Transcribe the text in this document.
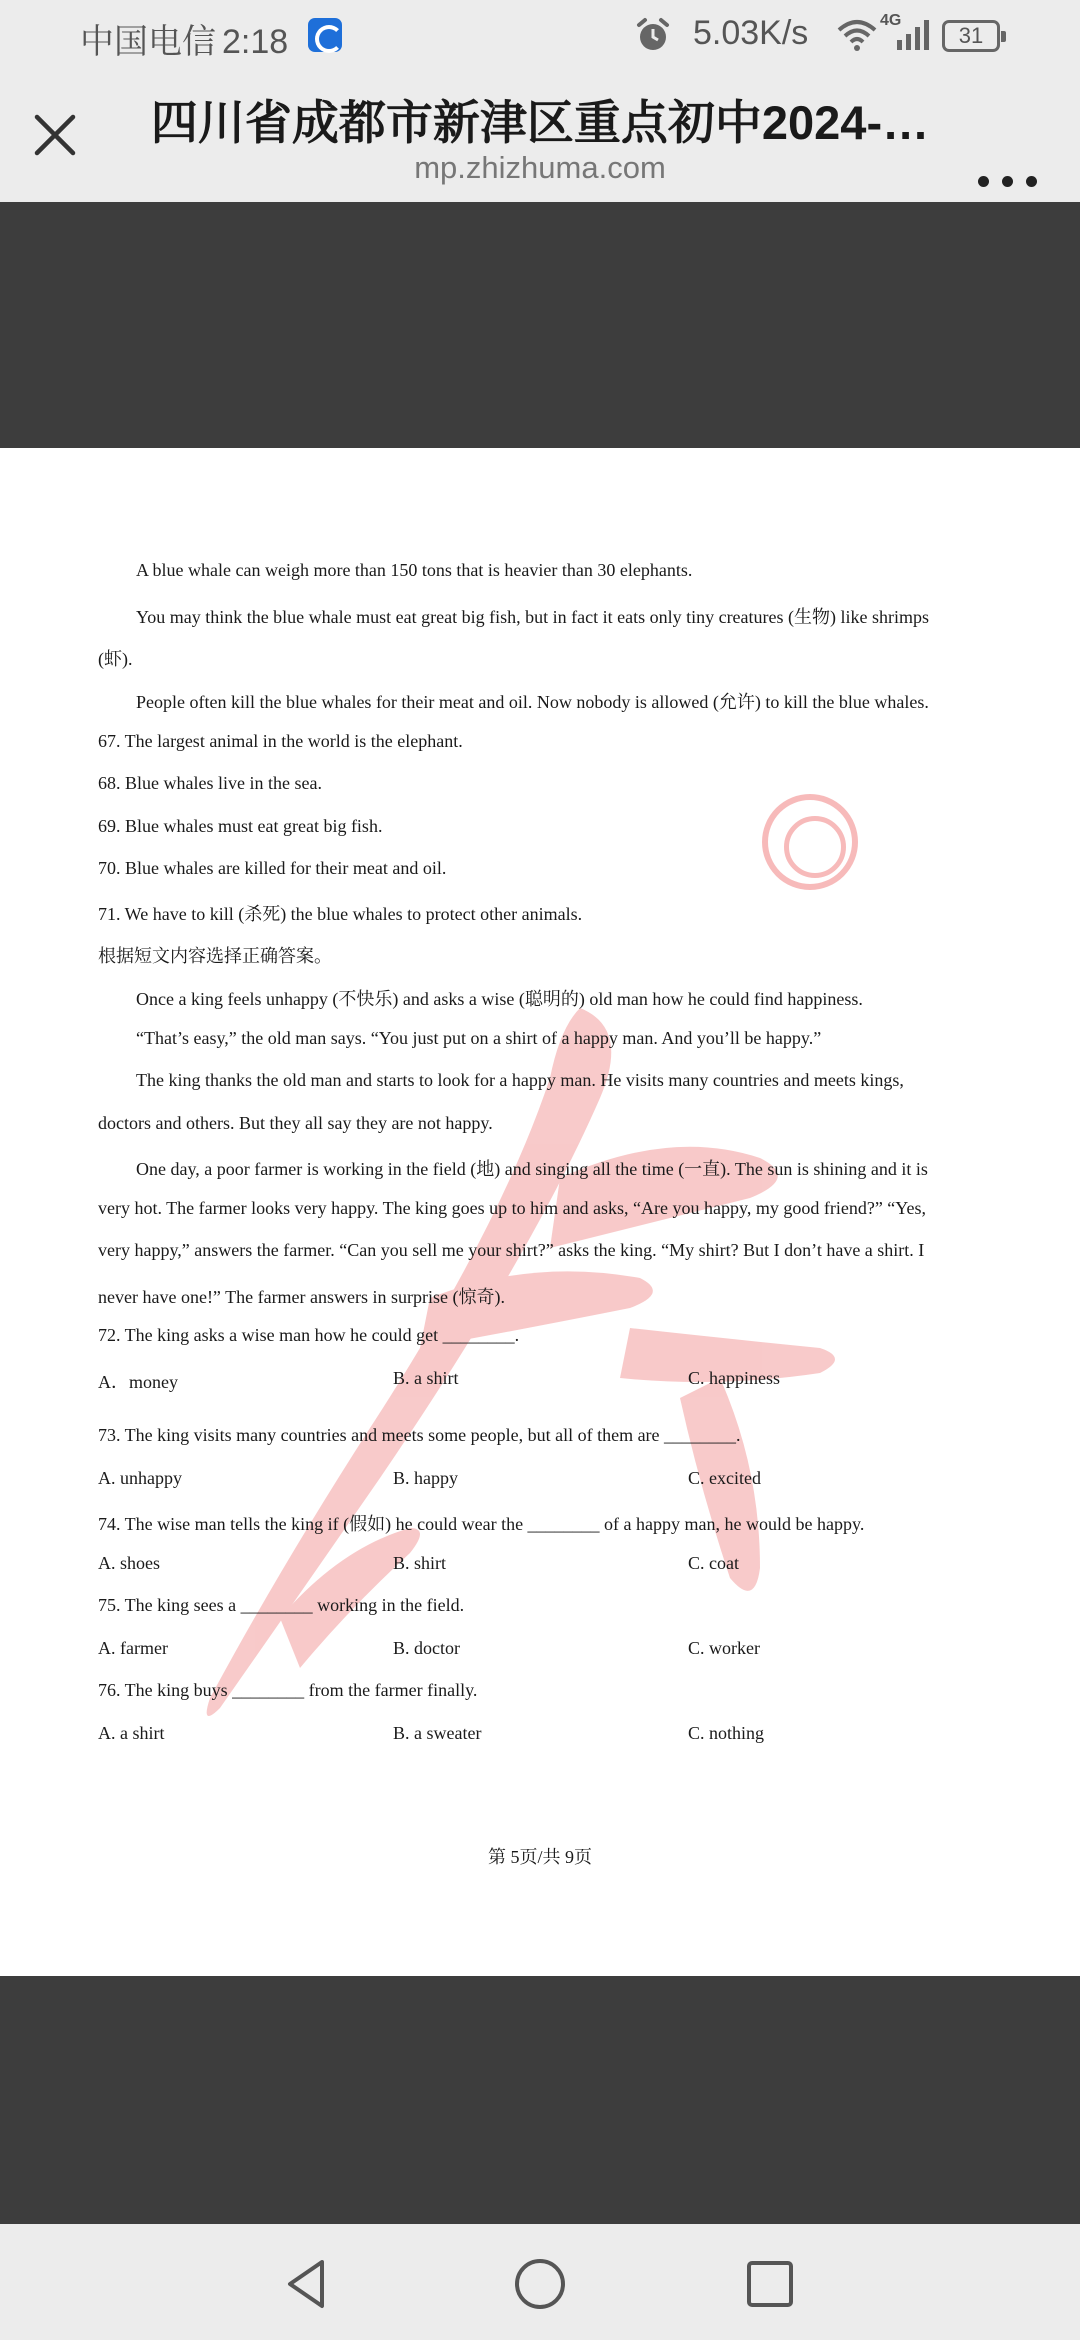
中国电信 2:18	5.03K/s	4G
31
四川省成都市新津区重点初中2024-…
mp.zhizhuma.com
A blue whale can weigh more than 150 tons that is heavier than 30 elephants.
You may think the blue whale must eat great big fish, but in fact it eats only tiny creatures (生物) like shrimps
(虾).
People often kill the blue whales for their meat and oil. Now nobody is allowed (允许) to kill the blue whales.
67. The largest animal in the world is the elephant.
68. Blue whales live in the sea.
69. Blue whales must eat great big fish.
70. Blue whales are killed for their meat and oil.
71. We have to kill (杀死) the blue whales to protect other animals.
根据短文内容选择正确答案。
Once a king feels unhappy (不快乐) and asks a wise (聪明的) old man how he could find happiness.
“That’s easy,” the old man says. “You just put on a shirt of a happy man. And you’ll be happy.”
The king thanks the old man and starts to look for a happy man. He visits many countries and meets kings,
doctors and others. But they all say they are not happy.
One day, a poor farmer is working in the field (地) and singing all the time (一直). The sun is shining and it is
very hot. The farmer looks very happy. The king goes up to him and asks, “Are you happy, my good friend?” “Yes,
very happy,” answers the farmer. “Can you sell me your shirt?” asks the king. “My shirt? But I don’t have a shirt. I
never have one!” The farmer answers in surprise (惊奇).
72. The king asks a wise man how he could get ________.
A．money	B. a shirt	C. happiness
73. The king visits many countries and meets some people, but all of them are ________.
A. unhappy	B. happy	C. excited
74. The wise man tells the king if (假如) he could wear the ________ of a happy man, he would be happy.
A. shoes	B. shirt	C. coat
75. The king sees a ________ working in the field.
A. farmer	B. doctor	C. worker
76. The king buys ________ from the farmer finally.
A. a shirt	B. a sweater	C. nothing
第 5页/共 9页
